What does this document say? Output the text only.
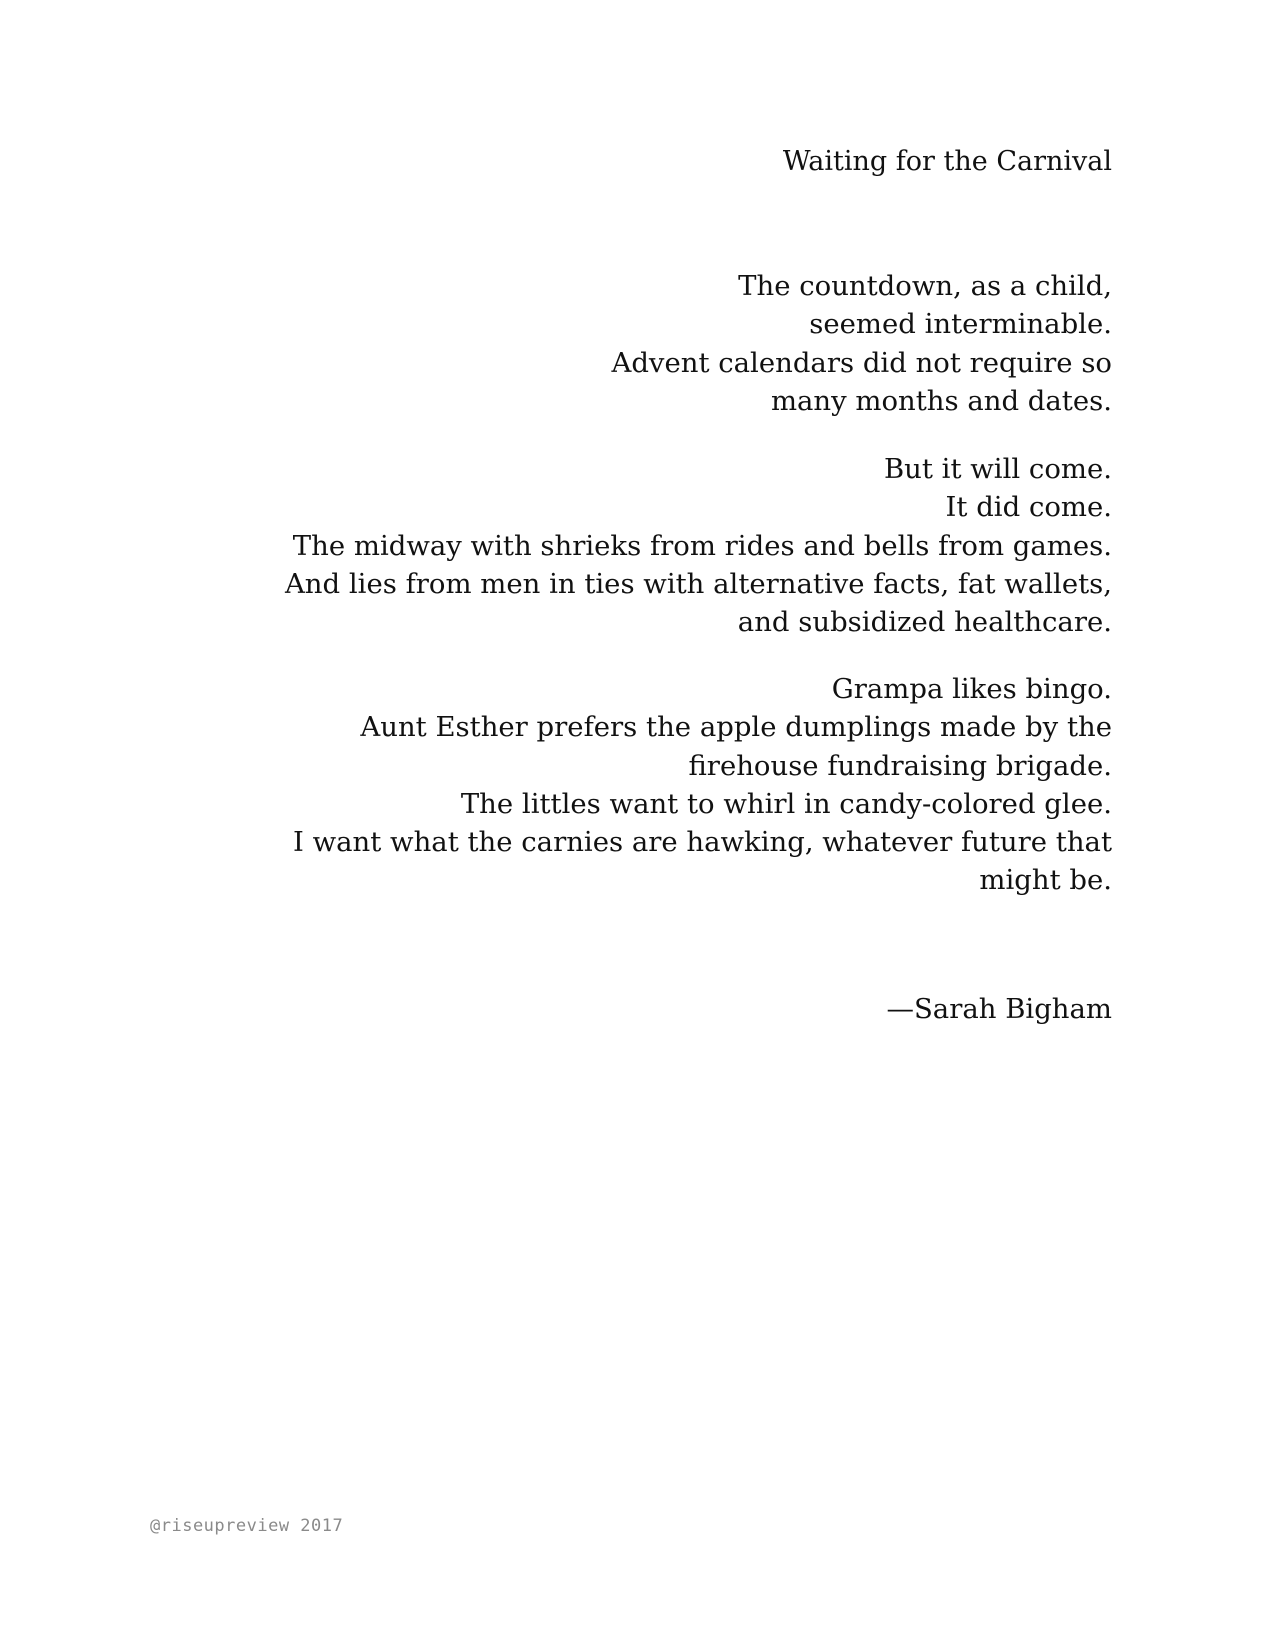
Waiting for the Carnival
The countdown, as a child,
seemed interminable.
Advent calendars did not require so
many months and dates.
But it will come.
It did come.
The midway with shrieks from rides and bells from games.
And lies from men in ties with alternative facts, fat wallets,
and subsidized healthcare.
Grampa likes bingo.
Aunt Esther prefers the apple dumplings made by the
firehouse fundraising brigade.
The littles want to whirl in candy-colored glee.
I want what the carnies are hawking, whatever future that
might be.
—Sarah Bigham
@riseupreview 2017
